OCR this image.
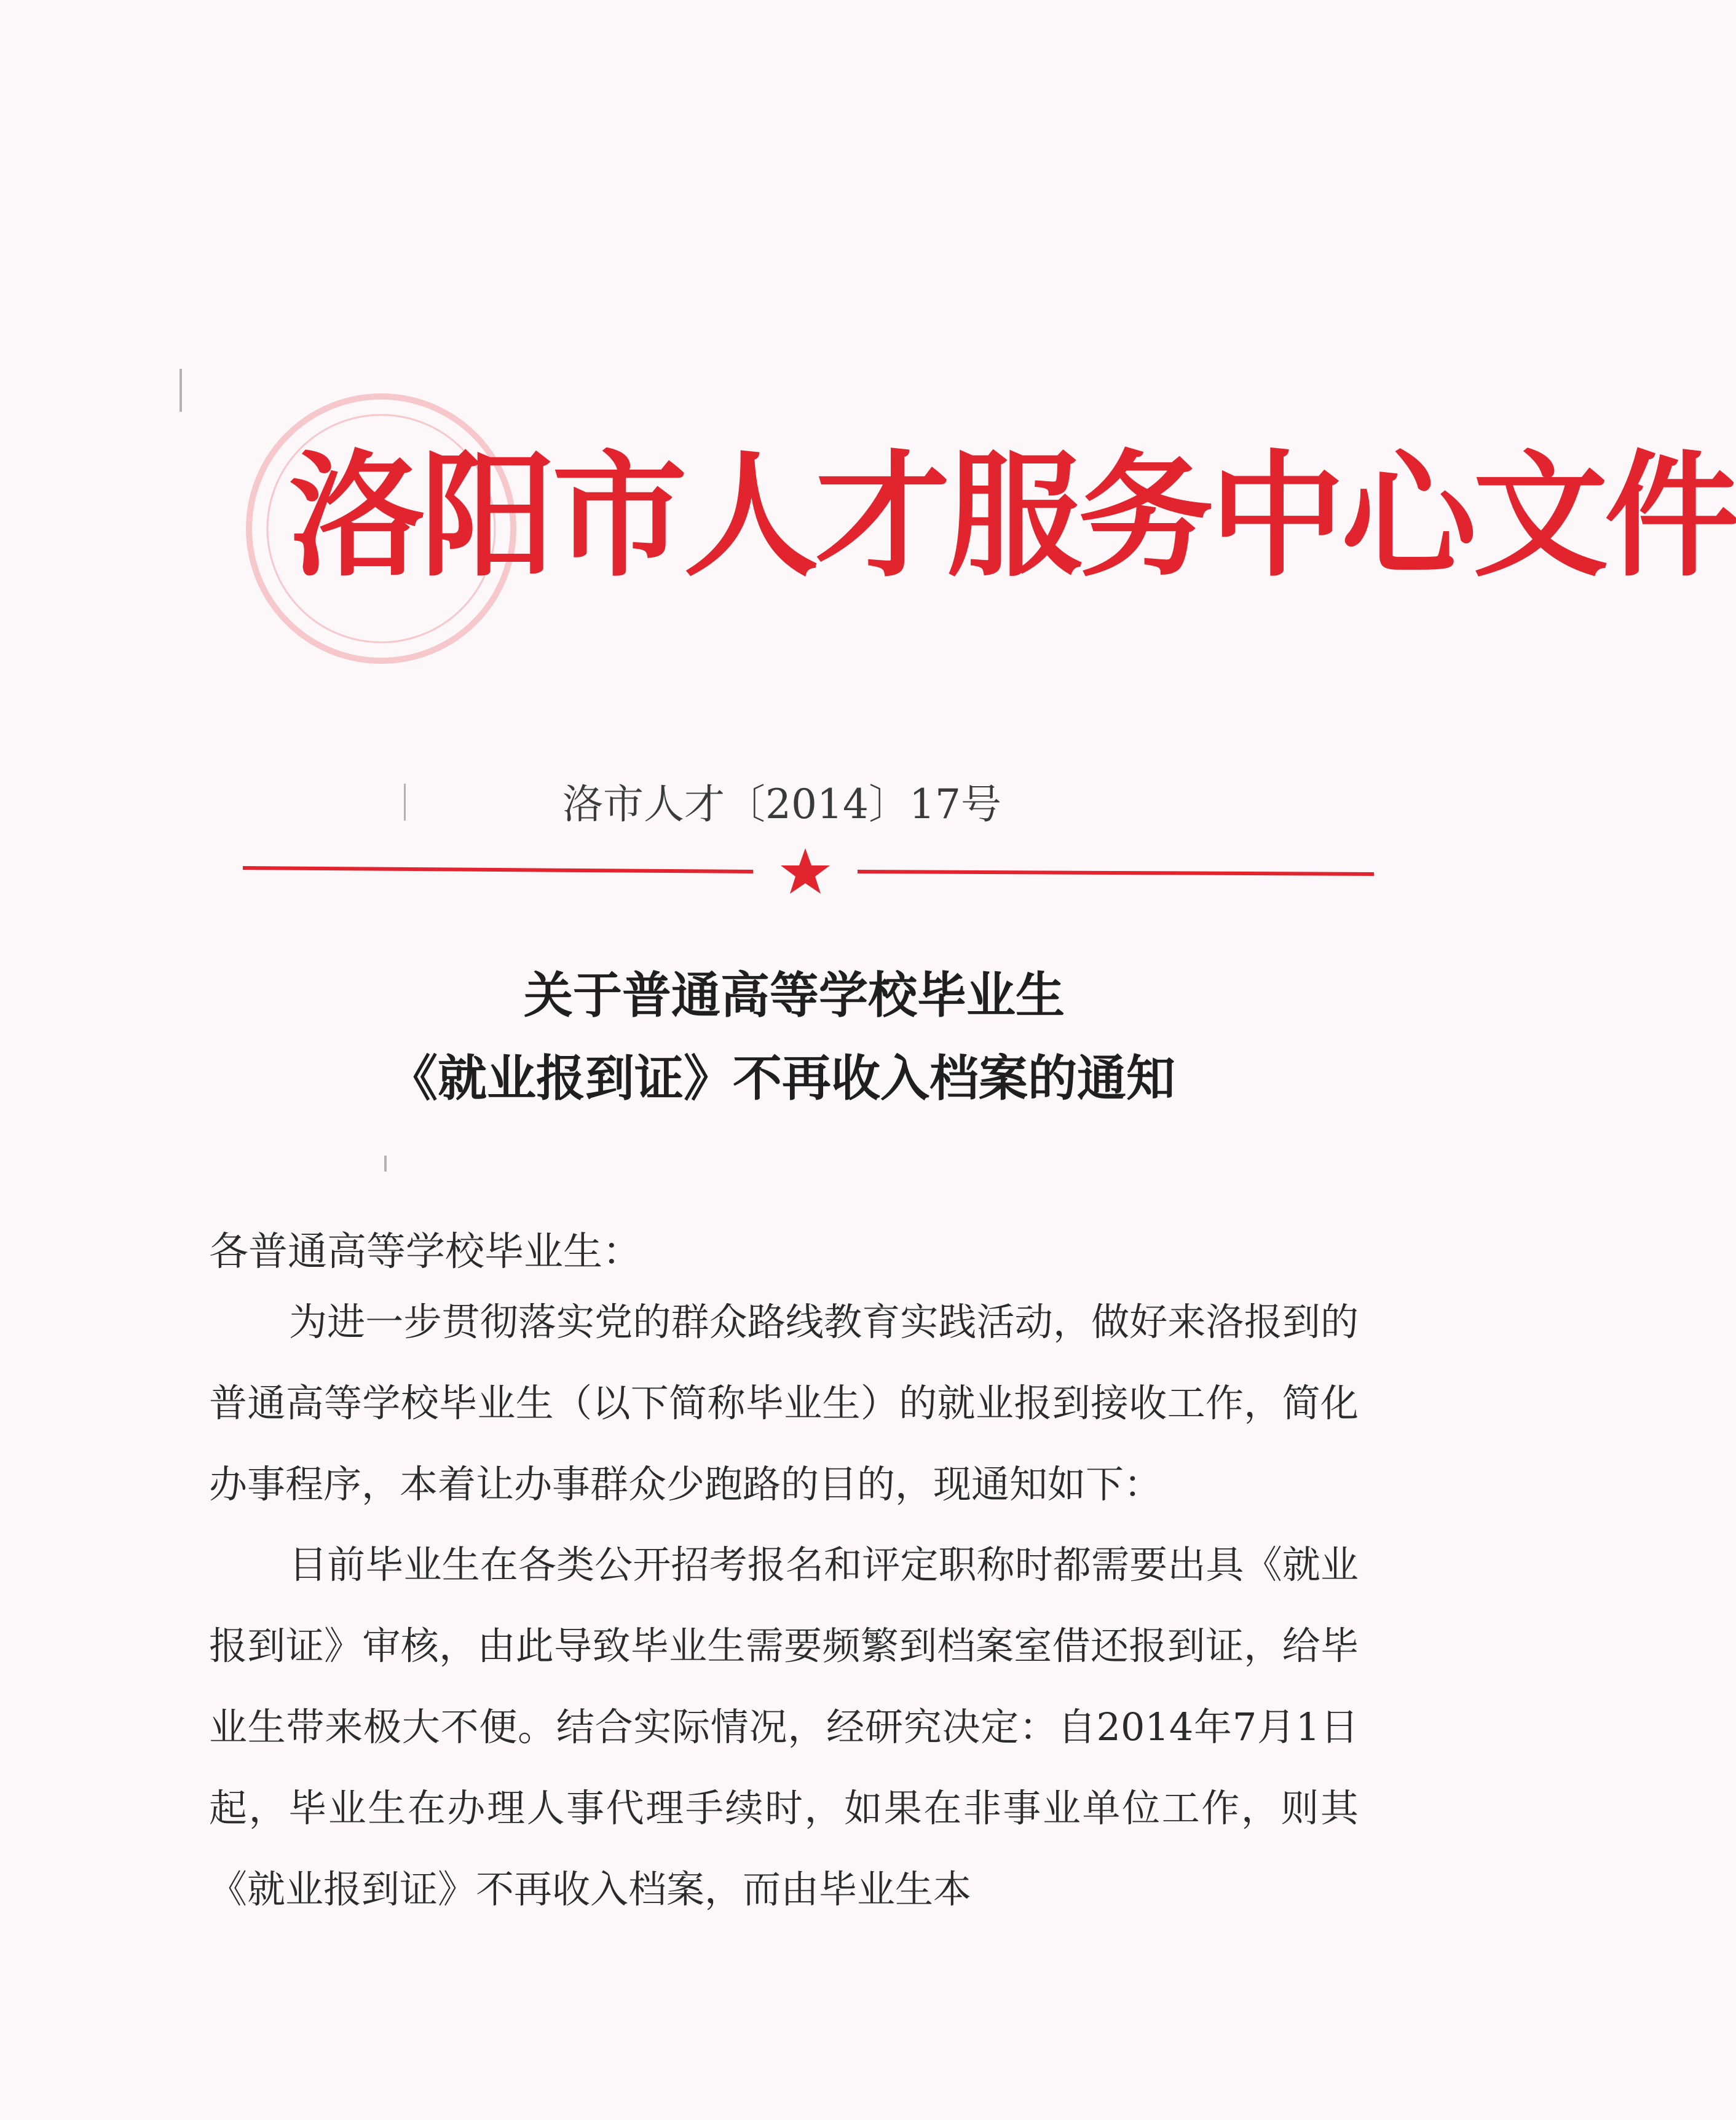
洛阳市人才服务中心文件
洛市人才〔2014〕17号
关于普通高等学校毕业生
《就业报到证》不再收入档案的通知
各普通高等学校毕业生：
为进一步贯彻落实党的群众路线教育实践活动，做好来洛报到的普通高等学校毕业生（以下简称毕业生）的就业报到接收工作，简化办事程序，本着让办事群众少跑路的目的，现通知如下：
目前毕业生在各类公开招考报名和评定职称时都需要出具《就业报到证》审核，由此导致毕业生需要频繁到档案室借还报到证，给毕业生带来极大不便。结合实际情况，经研究决定：自2014年7月1日起，毕业生在办理人事代理手续时，如果在非事业单位工作，则其《就业报到证》不再收入档案，而由毕业生本
